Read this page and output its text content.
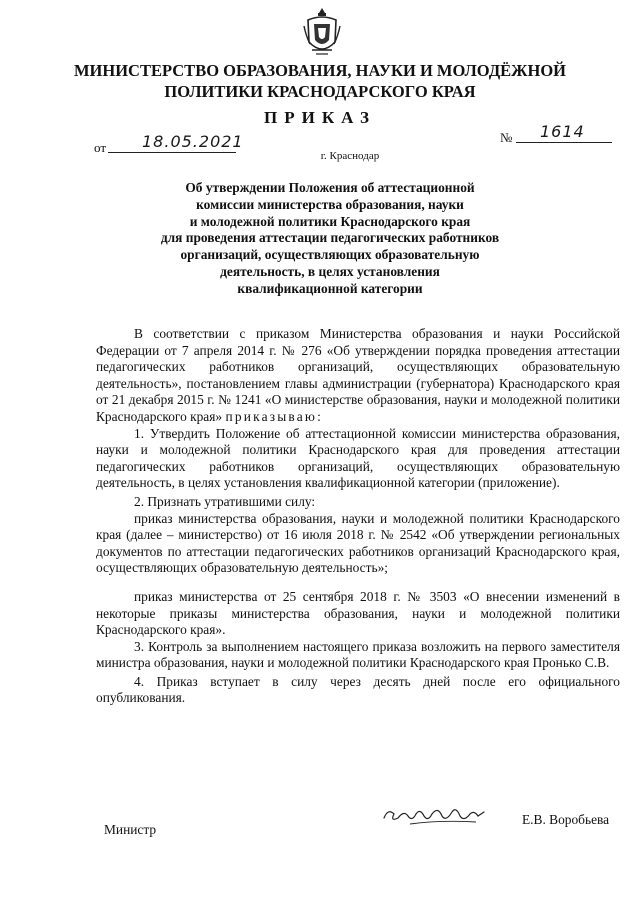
МИНИСТЕРСТВО ОБРАЗОВАНИЯ, НАУКИ И МОЛОДЁЖНОЙ
ПОЛИТИКИ КРАСНОДАРСКОГО КРАЯ
ПРИКАЗ
от 18.05.2021	№ 1614
г. Краснодар
Об утверждении Положения об аттестационной
комиссии министерства образования, науки
и молодежной политики Краснодарского края
для проведения аттестации педагогических работников
организаций, осуществляющих образовательную
деятельность, в целях установления
квалификационной категории

В соответствии с приказом Министерства образования и науки Российской Федерации от 7 апреля 2014 г. № 276 «Об утверждении порядка проведения аттестации педагогических работников организаций, осуществляющих образовательную деятельность», постановлением главы администрации (губернатора) Краснодарского края от 21 декабря 2015 г. № 1241 «О министерстве образования, науки и молодежной политики Краснодарского края» приказываю:

1. Утвердить Положение об аттестационной комиссии министерства образования, науки и молодежной политики Краснодарского края для проведения аттестации педагогических работников организаций, осуществляющих образовательную деятельность, в целях установления квалификационной категории (приложение).

2. Признать утратившими силу:

приказ министерства образования, науки и молодежной политики Краснодарского края (далее – министерство) от 16 июля 2018 г. № 2542 «Об утверждении региональных документов по аттестации педагогических работников организаций Краснодарского края, осуществляющих образовательную деятельность»;

приказ министерства от 25 сентября 2018 г. № 3503 «О внесении изменений в некоторые приказы министерства образования, науки и молодежной политики Краснодарского края».

3. Контроль за выполнением настоящего приказа возложить на первого заместителя министра образования, науки и молодежной политики Краснодарского края Пронько С.В.

4. Приказ вступает в силу через десять дней после его официального опубликования.

Министр
Е.В. Воробьева
